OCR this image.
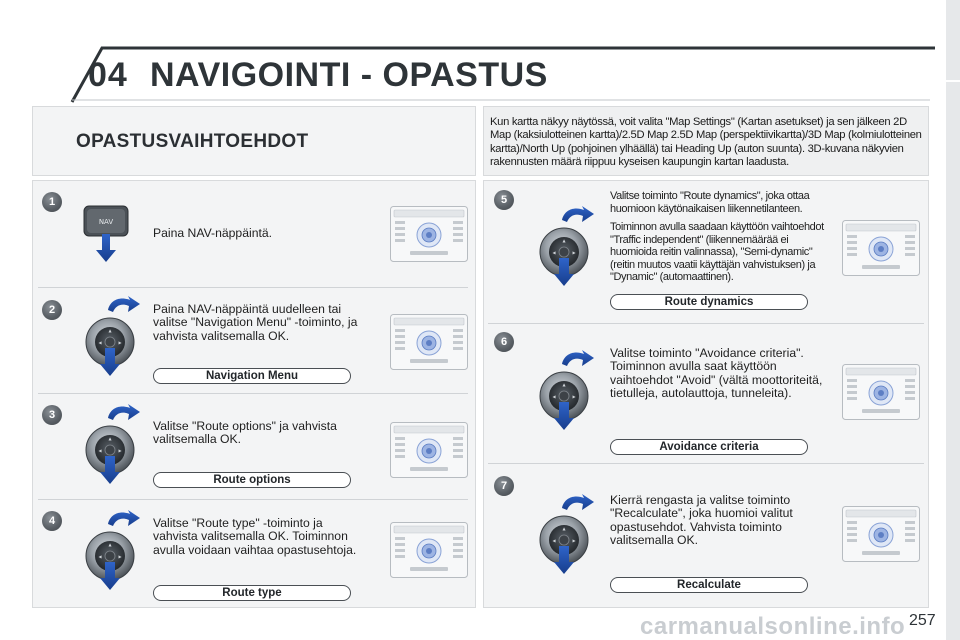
04 NAVIGOINTI - OPASTUS
OPASTUSVAIHTOEHDOT
Kun kartta näkyy näytössä, voit valita "Map Settings" (Kartan asetukset) ja sen jälkeen 2D Map (kaksiulotteinen kartta)/2.5D Map 2.5D Map (perspektiivikartta)/3D Map (kolmiulotteinen kartta)/North Up (pohjoinen ylhäällä) tai Heading Up (auton suunta). 3D-kuvana näkyvien rakennusten määrä riippuu kyseisen kaupungin kartan laadusta.
1
NAV
Paina NAV-näppäintä.
2	Paina NAV-näppäintä uudelleen tai valitse "Navigation Menu" -toiminto, ja vahvista valitsemalla OK.
Navigation Menu
3
Valitse "Route options" ja vahvista valitsemalla OK.
Route options
4	Valitse "Route type" -toiminto ja vahvista valitsemalla OK. Toiminnon avulla voidaan vaihtaa opastusehtoja.
Route type
5	Valitse toiminto "Route dynamics", joka ottaa huomioon käytönaikaisen liikennetilanteen.
Toiminnon avulla saadaan käyttöön vaihtoehdot "Traffic independent" (liikennemäärää ei huomioida reitin valinnassa), "Semi-dynamic" (reitin muutos vaatii käyttäjän vahvistuksen) ja "Dynamic" (automaattinen).
Route dynamics
6
Valitse toiminto "Avoidance criteria". Toiminnon avulla saat käyttöön vaihtoehdot "Avoid" (vältä moottoriteitä, tietulleja, autolauttoja, tunneleita).
Avoidance criteria
7
Kierrä rengasta ja valitse toiminto "Recalculate", joka huomioi valitut opastusehdot. Vahvista toiminto valitsemalla OK.
Recalculate
carmanualsonline.info 257
